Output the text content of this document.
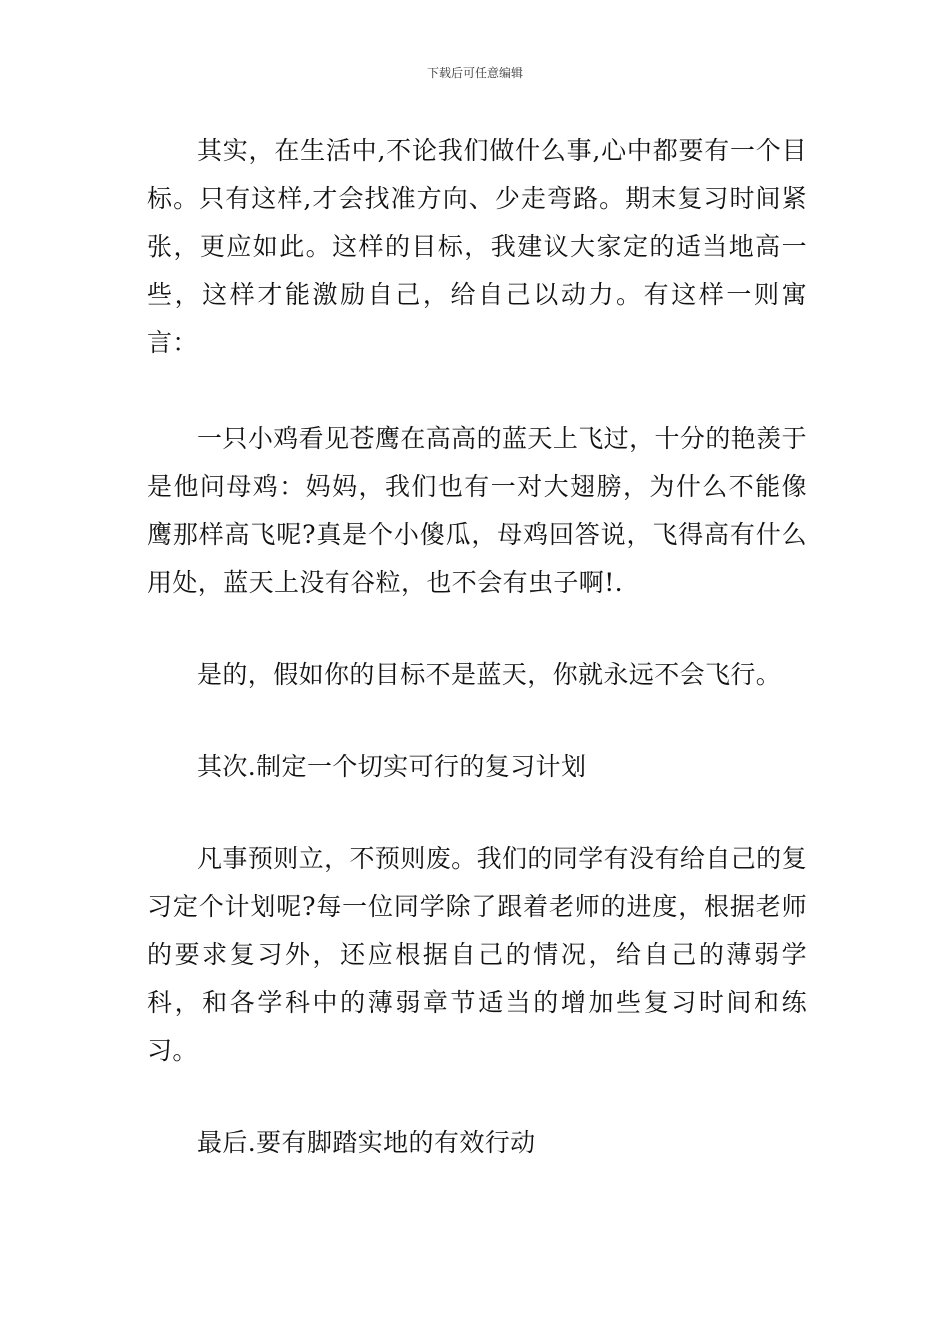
下载后可任意编辑

其实，在生活中,不论我们做什么事,心中都要有一个目标。只有这样,才会找准方向、少走弯路。期末复习时间紧张，更应如此。这样的目标，我建议大家定的适当地高一些，这样才能激励自己，给自己以动力。有这样一则寓言：

一只小鸡看见苍鹰在高高的蓝天上飞过，十分的艳羡于是他问母鸡：妈妈，我们也有一对大翅膀，为什么不能像鹰那样高飞呢?真是个小傻瓜，母鸡回答说，飞得高有什么用处，蓝天上没有谷粒，也不会有虫子啊!.

是的，假如你的目标不是蓝天，你就永远不会飞行。

其次.制定一个切实可行的复习计划

凡事预则立，不预则废。我们的同学有没有给自己的复习定个计划呢?每一位同学除了跟着老师的进度，根据老师的要求复习外，还应根据自己的情况，给自己的薄弱学科，和各学科中的薄弱章节适当的增加些复习时间和练习。

最后.要有脚踏实地的有效行动
